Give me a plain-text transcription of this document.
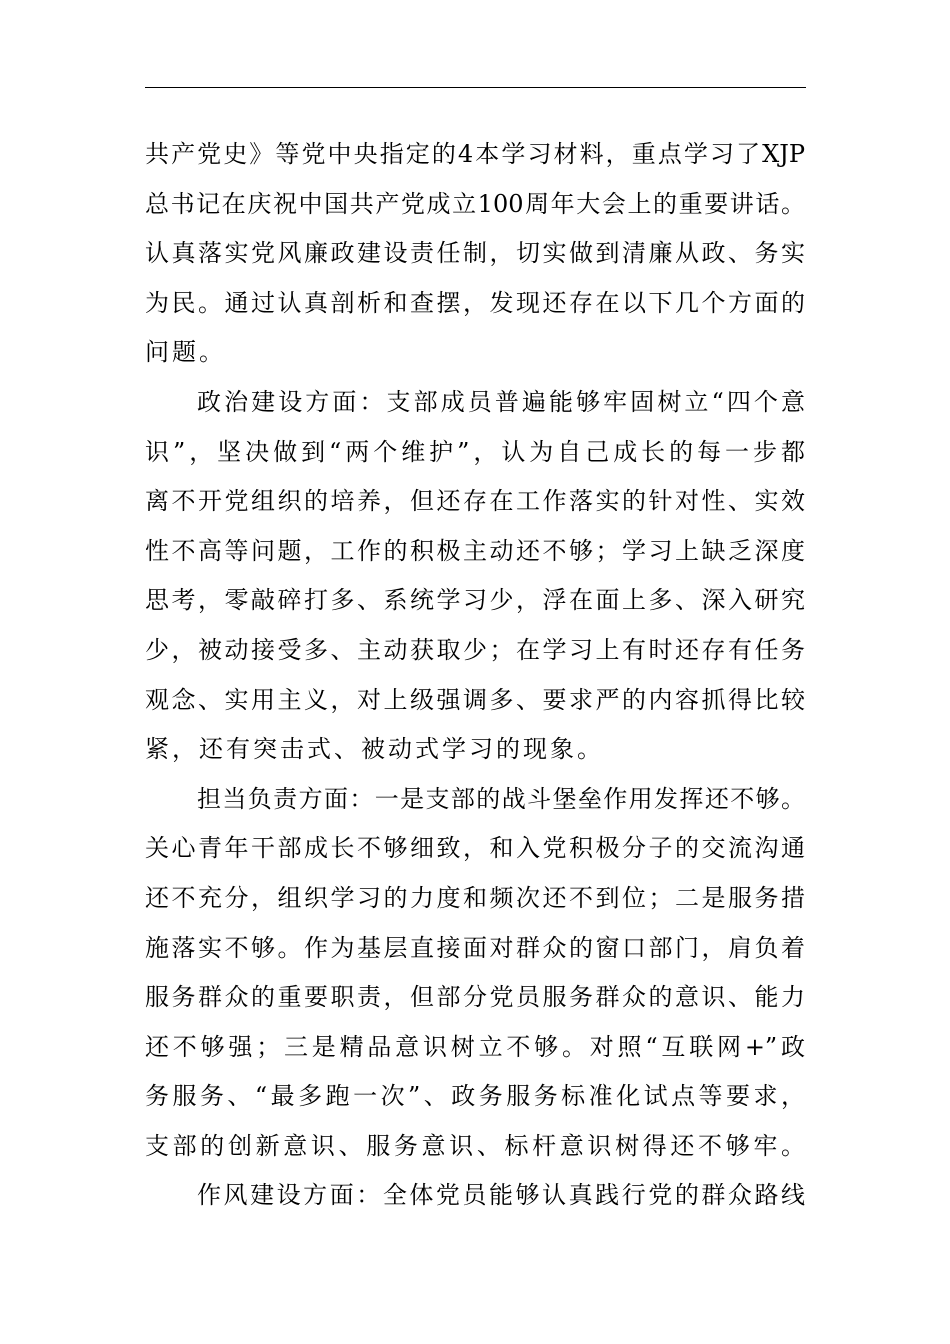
共产党史》等党中央指定的4本学习材料，重点学习了XJP
总书记在庆祝中国共产党成立100周年大会上的重要讲话。
认真落实党风廉政建设责任制，切实做到清廉从政、务实
为民。通过认真剖析和查摆，发现还存在以下几个方面的
问题。
政治建设方面：支部成员普遍能够牢固树立“四个意
识”，坚决做到“两个维护”，认为自己成长的每一步都
离不开党组织的培养，但还存在工作落实的针对性、实效
性不高等问题，工作的积极主动还不够；学习上缺乏深度
思考，零敲碎打多、系统学习少，浮在面上多、深入研究
少，被动接受多、主动获取少；在学习上有时还存有任务
观念、实用主义，对上级强调多、要求严的内容抓得比较
紧，还有突击式、被动式学习的现象。
担当负责方面：一是支部的战斗堡垒作用发挥还不够。
关心青年干部成长不够细致，和入党积极分子的交流沟通
还不充分，组织学习的力度和频次还不到位；二是服务措
施落实不够。作为基层直接面对群众的窗口部门，肩负着
服务群众的重要职责，但部分党员服务群众的意识、能力
还不够强；三是精品意识树立不够。对照“互联网+”政
务服务、“最多跑一次”、政务服务标准化试点等要求，
支部的创新意识、服务意识、标杆意识树得还不够牢。
作风建设方面：全体党员能够认真践行党的群众路线
